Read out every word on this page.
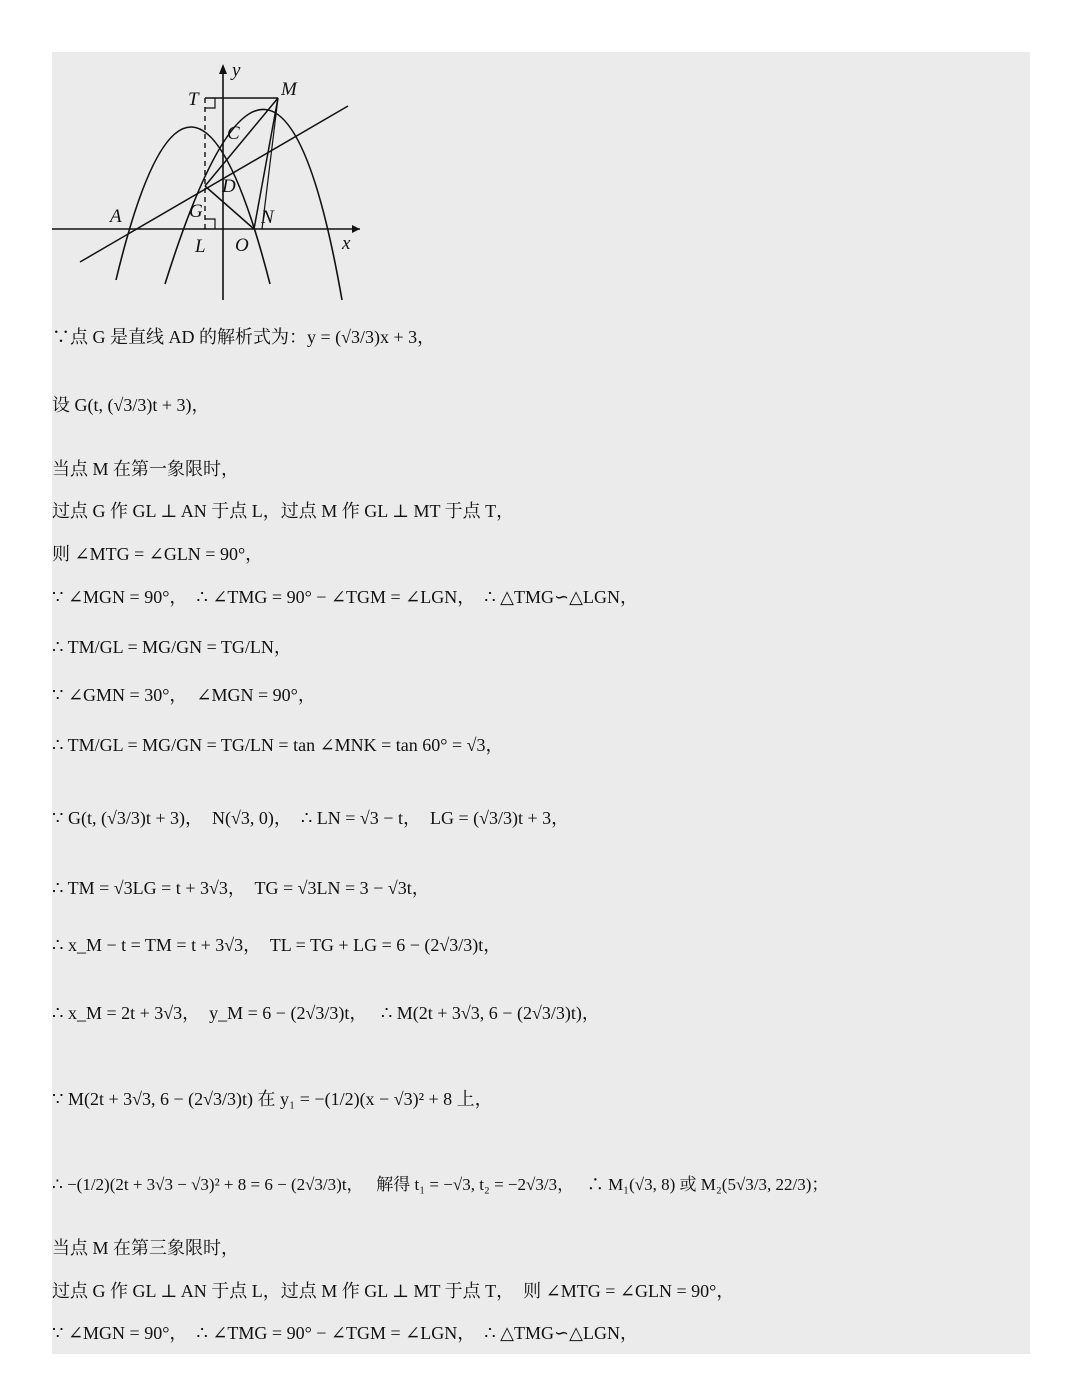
y
M
T
C
D
A	G	N
L O	x
∵点 G 是直线 AD 的解析式为：y = (√3/3)x + 3，
设 G(t, (√3/3)t + 3)，
当点 M 在第一象限时，
过点 G 作 GL ⊥ AN 于点 L，过点 M 作 GL ⊥ MT 于点 T，
则 ∠MTG = ∠GLN = 90°，
∵ ∠MGN = 90°，  ∴ ∠TMG = 90° − ∠TGM = ∠LGN，  ∴ △TMG∽△LGN，
∴ TM/GL = MG/GN = TG/LN，
∵ ∠GMN = 30°，  ∠MGN = 90°，
∴ TM/GL = MG/GN = TG/LN = tan ∠MNK = tan 60° = √3，
∵ G(t, (√3/3)t + 3)，  N(√3, 0)，  ∴ LN = √3 − t，  LG = (√3/3)t + 3，
∴ TM = √3LG = t + 3√3，  TG = √3LN = 3 − √3t，
∴ x_M − t = TM = t + 3√3，  TL = TG + LG = 6 − (2√3/3)t，
∴ x_M = 2t + 3√3，  y_M = 6 − (2√3/3)t，   ∴ M(2t + 3√3, 6 − (2√3/3)t)，
∵ M(2t + 3√3, 6 − (2√3/3)t) 在 y₁ = −(1/2)(x − √3)² + 8 上，
∴ −(1/2)(2t + 3√3 − √3)² + 8 = 6 − (2√3/3)t，   解得 t₁ = −√3, t₂ = −2√3/3，   ∴ M₁(√3, 8) 或 M₂(5√3/3, 22/3)；
当点 M 在第三象限时，
过点 G 作 GL ⊥ AN 于点 L，过点 M 作 GL ⊥ MT 于点 T，  则 ∠MTG = ∠GLN = 90°，
∵ ∠MGN = 90°，  ∴ ∠TMG = 90° − ∠TGM = ∠LGN，  ∴ △TMG∽△LGN，
